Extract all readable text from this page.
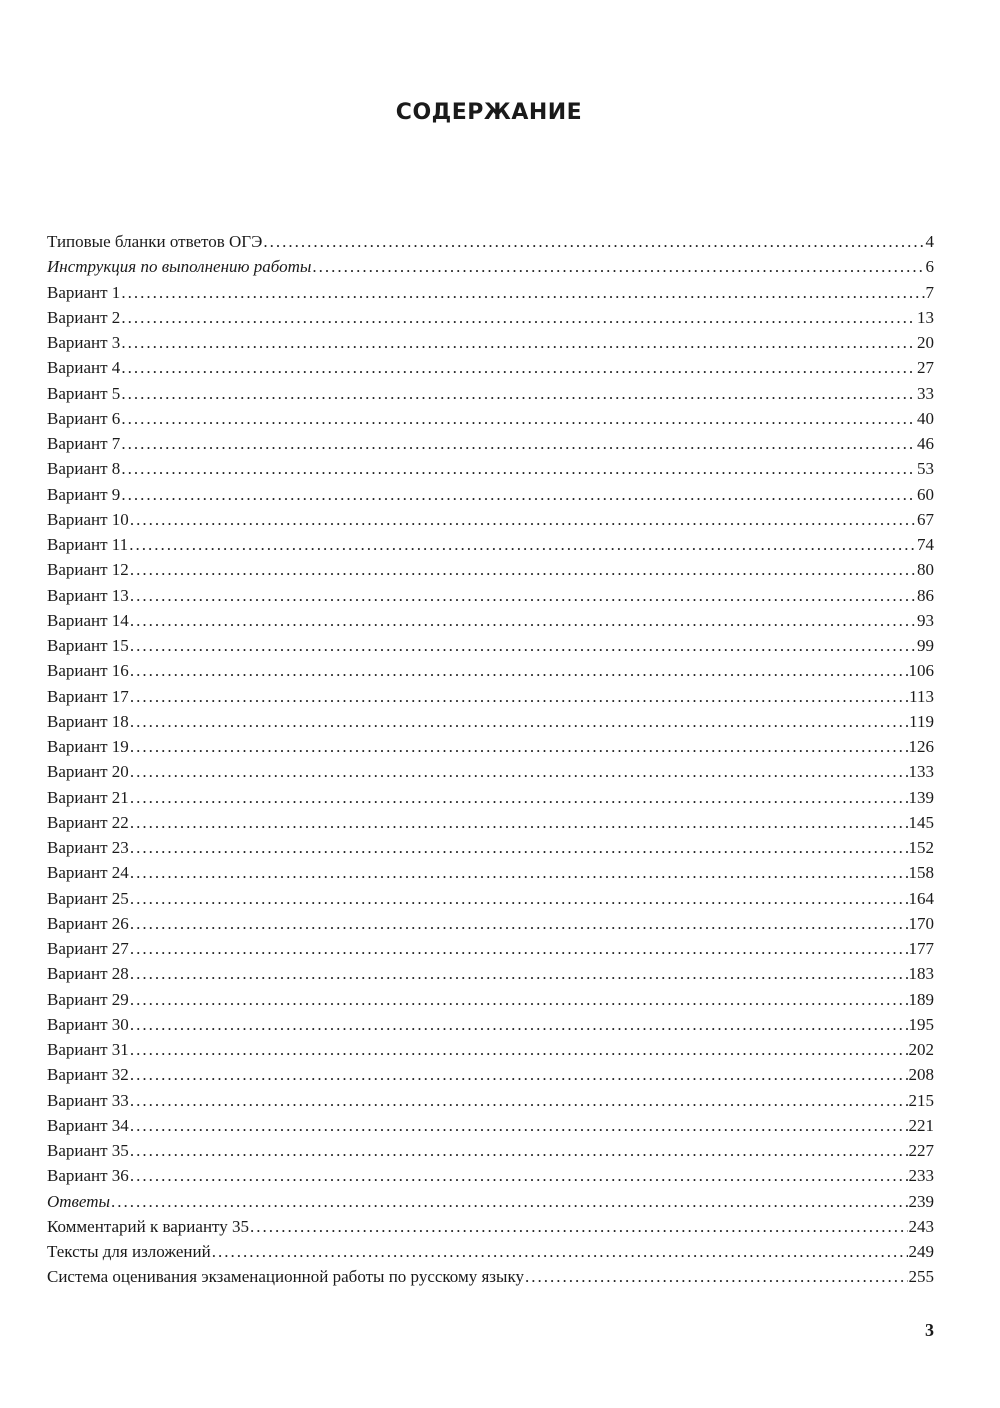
СОДЕРЖАНИЕ
Типовые бланки ответов ОГЭ .....	4
Инструкция по выполнению работы .....	6
Вариант 1 .....	7
Вариант 2 .....	13
Вариант 3 .....	20
Вариант 4 .....	27
Вариант 5 .....	33
Вариант 6 .....	40
Вариант 7 .....	46
Вариант 8 .....	53
Вариант 9 .....	60
Вариант 10 .....	67
Вариант 11 .....	74
Вариант 12 .....	80
Вариант 13 .....	86
Вариант 14 .....	93
Вариант 15 .....	99
Вариант 16 .....	106
Вариант 17 .....	113
Вариант 18 .....	119
Вариант 19 .....	126
Вариант 20 .....	133
Вариант 21 .....	139
Вариант 22 .....	145
Вариант 23 .....	152
Вариант 24 .....	158
Вариант 25 .....	164
Вариант 26 .....	170
Вариант 27 .....	177
Вариант 28 .....	183
Вариант 29 .....	189
Вариант 30 .....	195
Вариант 31 .....	202
Вариант 32 .....	208
Вариант 33 .....	215
Вариант 34 .....	221
Вариант 35 .....	227
Вариант 36 .....	233
Ответы .....	239
Комментарий к варианту 35 .....	243
Тексты для изложений .....	249
Система оценивания экзаменационной работы по русскому языку .....	255
3
